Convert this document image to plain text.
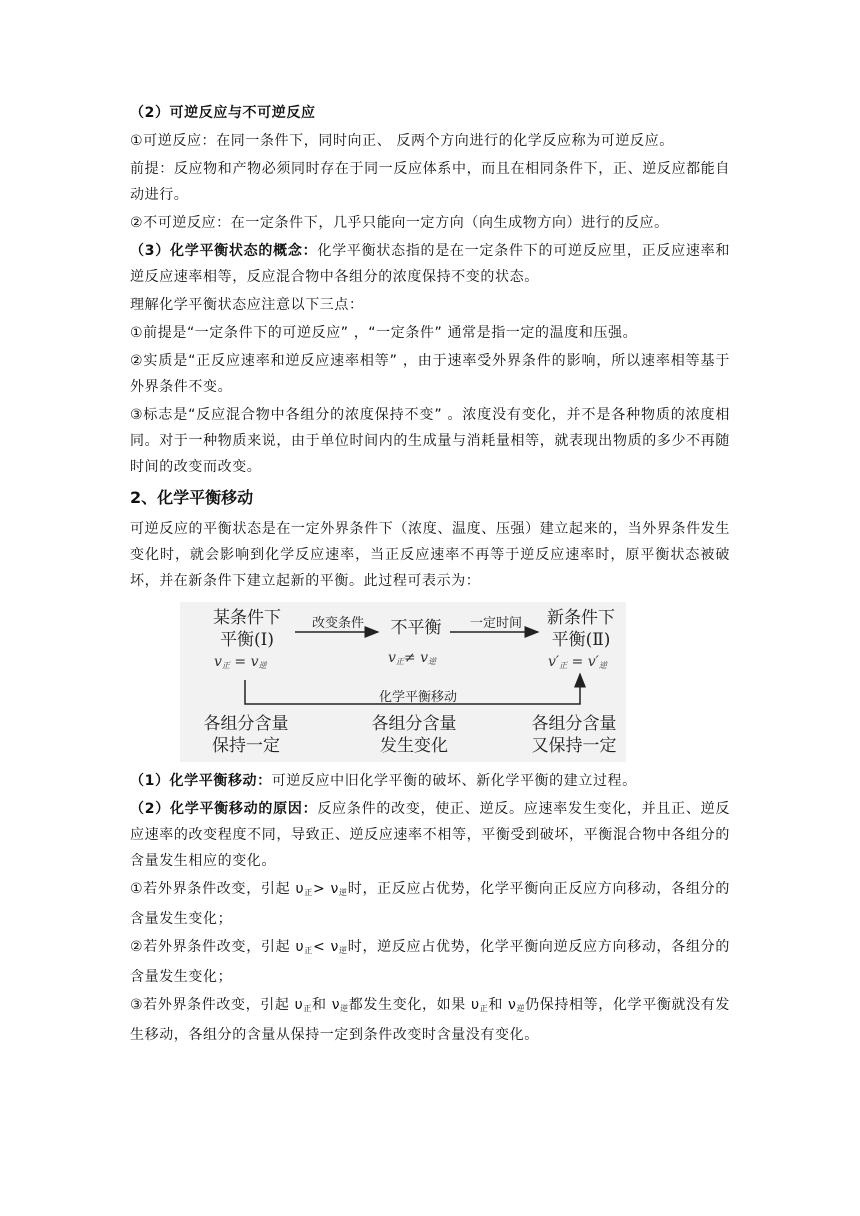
（2）可逆反应与不可逆反应

①可逆反应：在同一条件下，同时向正、 反两个方向进行的化学反应称为可逆反应。

前提：反应物和产物必须同时存在于同一反应体系中，而且在相同条件下，正、逆反应都能自动进行。

②不可逆反应：在一定条件下，几乎只能向一定方向（向生成物方向）进行的反应。

（3）化学平衡状态的概念：化学平衡状态指的是在一定条件下的可逆反应里，正反应速率和逆反应速率相等，反应混合物中各组分的浓度保持不变的状态。

理解化学平衡状态应注意以下三点：

①前提是“一定条件下的可逆反应” ，“一定条件” 通常是指一定的温度和压强。

②实质是“正反应速率和逆反应速率相等” ，由于速率受外界条件的影响，所以速率相等基于外界条件不变。

③标志是“反应混合物中各组分的浓度保持不变” 。浓度没有变化，并不是各种物质的浓度相同。对于一种物质来说，由于单位时间内的生成量与消耗量相等，就表现出物质的多少不再随时间的改变而改变。

2、化学平衡移动

可逆反应的平衡状态是在一定外界条件下（浓度、温度、压强）建立起来的，当外界条件发生变化时，就会影响到化学反应速率，当正反应速率不再等于逆反应速率时，原平衡状态被破坏，并在新条件下建立起新的平衡。此过程可表示为：

某条件下
平衡(Ⅰ)
$v_正 = v_逆$
改变条件	不平衡
$v_正\ne v_逆$
一定时间	新条件下
平衡(Ⅱ)
$v'_正 = v'_逆$
化学平衡移动
各组分含量
保持一定
各组分含量
发生变化
各组分含量
又保持一定

（1）化学平衡移动：可逆反应中旧化学平衡的破坏、新化学平衡的建立过程。

（2）化学平衡移动的原因：反应条件的改变，使正、逆反。应速率发生变化，并且正、逆反应速率的改变程度不同，导致正、逆反应速率不相等，平衡受到破坏，平衡混合物中各组分的含量发生相应的变化。

①若外界条件改变，引起 $\upsilon_正> \nu_逆$时，正反应占优势，化学平衡向正反应方向移动，各组分的含量发生变化；

②若外界条件改变，引起 $\upsilon_正< \nu_逆$时，逆反应占优势，化学平衡向逆反应方向移动，各组分的含量发生变化；

③若外界条件改变，引起 $\upsilon_正$和 $\nu_逆$都发生变化，如果 $\upsilon_正$和 $\nu_逆$仍保持相等，化学平衡就没有发生移动，各组分的含量从保持一定到条件改变时含量没有变化。
